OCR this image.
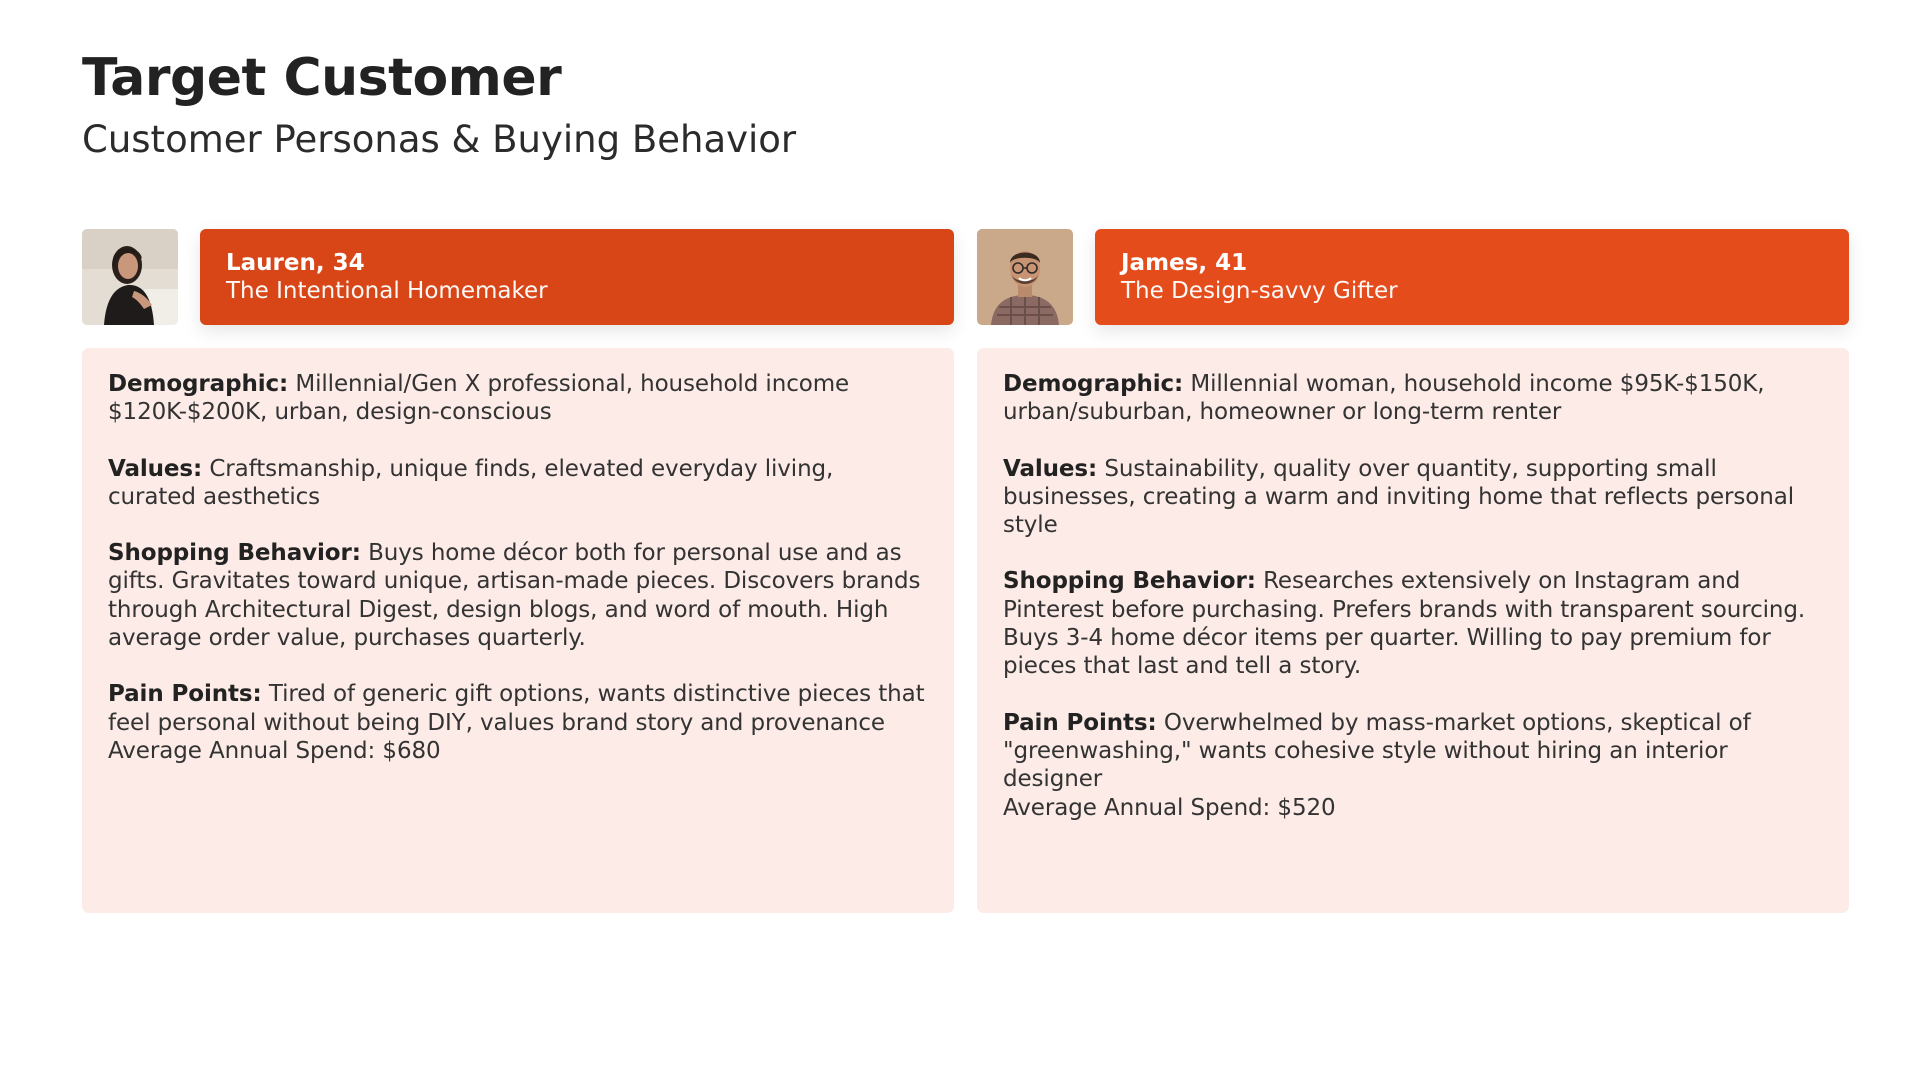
Target Customer
Customer Personas & Buying Behavior
Lauren, 34
The Intentional Homemaker

Demographic: Millennial/Gen X professional, household income $120K-$200K, urban, design-conscious

Values: Craftsmanship, unique finds, elevated everyday living, curated aesthetics

Shopping Behavior: Buys home décor both for personal use and as gifts. Gravitates toward unique, artisan-made pieces. Discovers brands through Architectural Digest, design blogs, and word of mouth. High average order value, purchases quarterly.

Pain Points: Tired of generic gift options, wants distinctive pieces that feel personal without being DIY, values brand story and provenance

Average Annual Spend: $680

James, 41
The Design-savvy Gifter

Demographic: Millennial woman, household income $95K-$150K, urban/suburban, homeowner or long-term renter

Values: Sustainability, quality over quantity, supporting small businesses, creating a warm and inviting home that reflects personal style

Shopping Behavior: Researches extensively on Instagram and Pinterest before purchasing. Prefers brands with transparent sourcing. Buys 3-4 home décor items per quarter. Willing to pay premium for pieces that last and tell a story.

Pain Points: Overwhelmed by mass-market options, skeptical of "greenwashing," wants cohesive style without hiring an interior designer

Average Annual Spend: $520
